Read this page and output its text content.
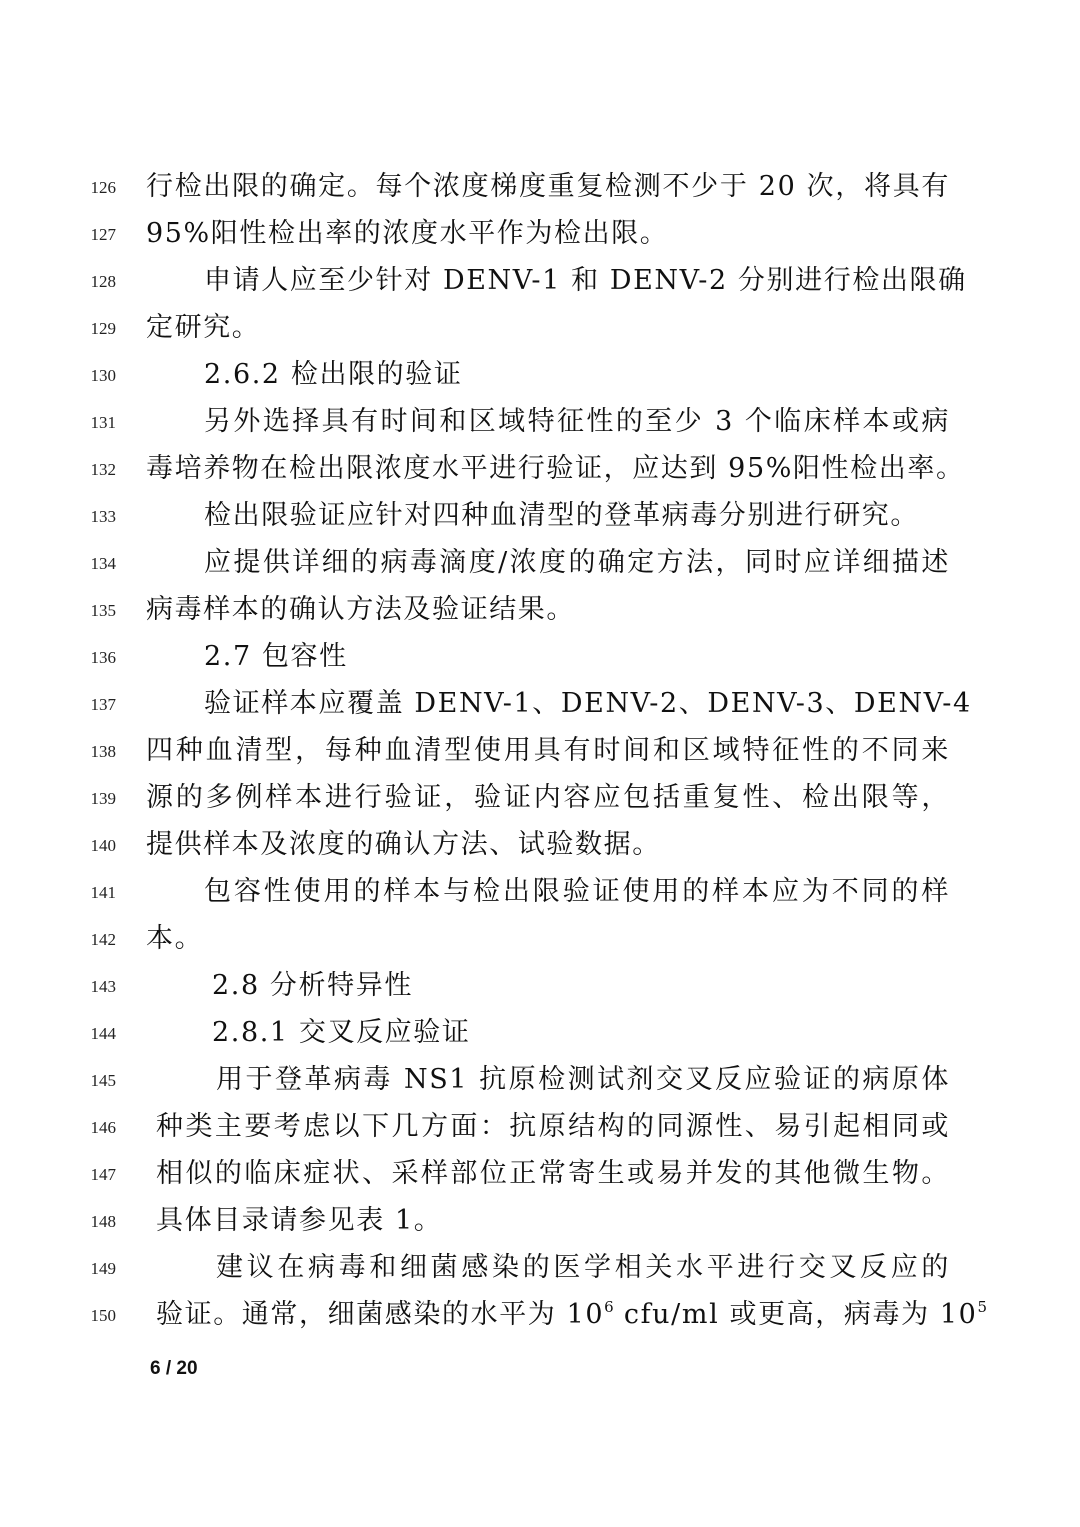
126 行检出限的确定。每个浓度梯度重复检测不少于 20 次，将具有
127 95%阳性检出率的浓度水平作为检出限。
128	申请人应至少针对 DENV-1 和 DENV-2 分别进行检出限确
129 定研究。
130	2.6.2 检出限的验证
131	另外选择具有时间和区域特征性的至少 3 个临床样本或病
132 毒培养物在检出限浓度水平进行验证，应达到 95%阳性检出率。
133	检出限验证应针对四种血清型的登革病毒分别进行研究。
134	应提供详细的病毒滴度/浓度的确定方法，同时应详细描述
135 病毒样本的确认方法及验证结果。
136	2.7 包容性
137	验证样本应覆盖 DENV-1、DENV-2、DENV-3、DENV-4
138 四种血清型，每种血清型使用具有时间和区域特征性的不同来
139 源的多例样本进行验证，验证内容应包括重复性、检出限等，
140 提供样本及浓度的确认方法、试验数据。
141	包容性使用的样本与检出限验证使用的样本应为不同的样
142 本。
143	2.8 分析特异性
144	2.8.1 交叉反应验证
145	用于登革病毒 NS1 抗原检测试剂交叉反应验证的病原体
146 种类主要考虑以下几方面：抗原结构的同源性、易引起相同或
147 相似的临床症状、采样部位正常寄生或易并发的其他微生物。
148 具体目录请参见表 1。
149	建议在病毒和细菌感染的医学相关水平进行交叉反应的
150 验证。通常，细菌感染的水平为 $10^6$ cfu/ml 或更高，病毒为 $10^5$
6 / 20
